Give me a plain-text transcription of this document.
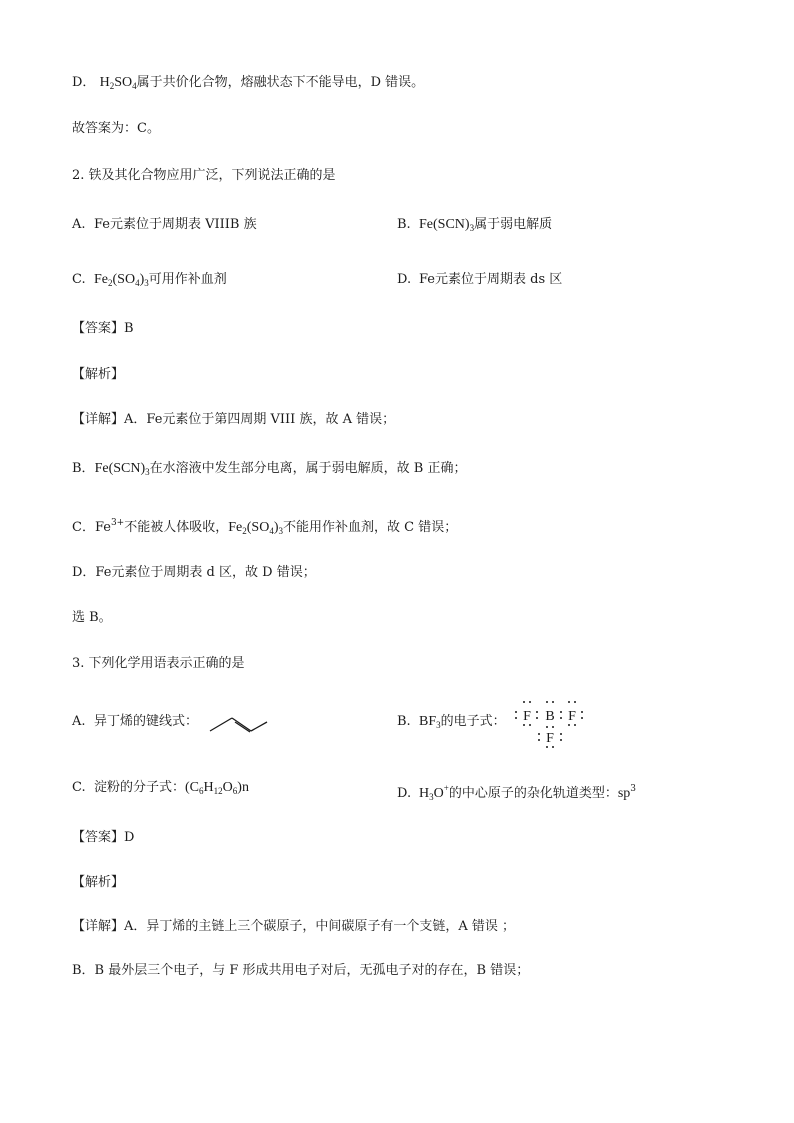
D． $H_2SO_4$属于共价化合物，熔融状态下不能导电，D 错误。
故答案为：C。
2. 铁及其化合物应用广泛，下列说法正确的是
A. Fe元素位于周期表 VIIIB 族	B. $Fe(SCN)_3$属于弱电解质
C. $Fe_2(SO_4)_3$可用作补血剂	D. Fe元素位于周期表 ds 区
【答案】B
【解析】
【详解】A．Fe元素位于第四周期 VIII 族，故 A 错误；
B．$Fe(SCN)_3$在水溶液中发生部分电离，属于弱电解质，故 B 正确；
C．$Fe^{3+}$不能被人体吸收，$Fe_2(SO_4)_3$不能用作补血剂，故 C 错误；
D．Fe元素位于周期表 d 区，故 D 错误；
选 B。
3. 下列化学用语表示正确的是
A. 异丁烯的键线式：	B. $BF_3$的电子式： F B F
F
C. 淀粉的分子式：$(C_6H_{12}O_6)n$	D. $H_3O^+$的中心原子的杂化轨道类型：$sp^3$
【答案】D
【解析】
【详解】A．异丁烯的主链上三个碳原子，中间碳原子有一个支链，A 错误 ；
B．B 最外层三个电子，与 F 形成共用电子对后，无孤电子对的存在，B 错误；
